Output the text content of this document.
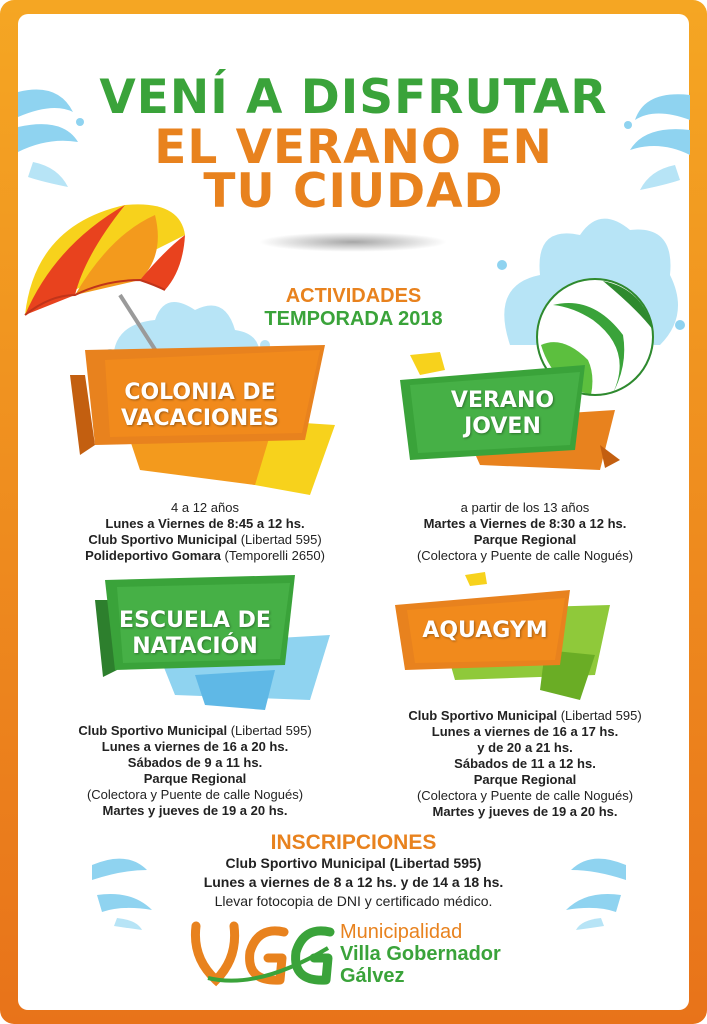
VENÍ A DISFRUTAR
EL VERANO EN
TU CIUDAD
ACTIVIDADES
TEMPORADA 2018
COLONIA DE
VACACIONES
VERANO
JOVEN
4 a 12 años
Lunes a Viernes de 8:45 a 12 hs.
Club Sportivo Municipal (Libertad 595)
Polideportivo Gomara (Temporelli 2650)
a partir de los 13 años
Martes a Viernes de 8:30 a 12 hs.
Parque Regional
(Colectora y Puente de calle Nogués)
ESCUELA DE
NATACIÓN
AQUAGYM
Club Sportivo Municipal (Libertad 595)
Lunes a viernes de 16 a 20 hs.
Sábados de 9 a 11 hs.
Parque Regional
(Colectora y Puente de calle Nogués)
Martes y jueves de 19 a 20 hs.
Club Sportivo Municipal (Libertad 595)
Lunes a viernes de 16 a 17 hs.
y de 20 a 21 hs.
Sábados de 11 a 12 hs.
Parque Regional
(Colectora y Puente de calle Nogués)
Martes y jueves de 19 a 20 hs.
INSCRIPCIONES
Club Sportivo Municipal (Libertad 595)
Lunes a viernes de 8 a 12 hs. y de 14 a 18 hs.
Llevar fotocopia de DNI y certificado médico.
Municipalidad
Villa Gobernador
Gálvez
